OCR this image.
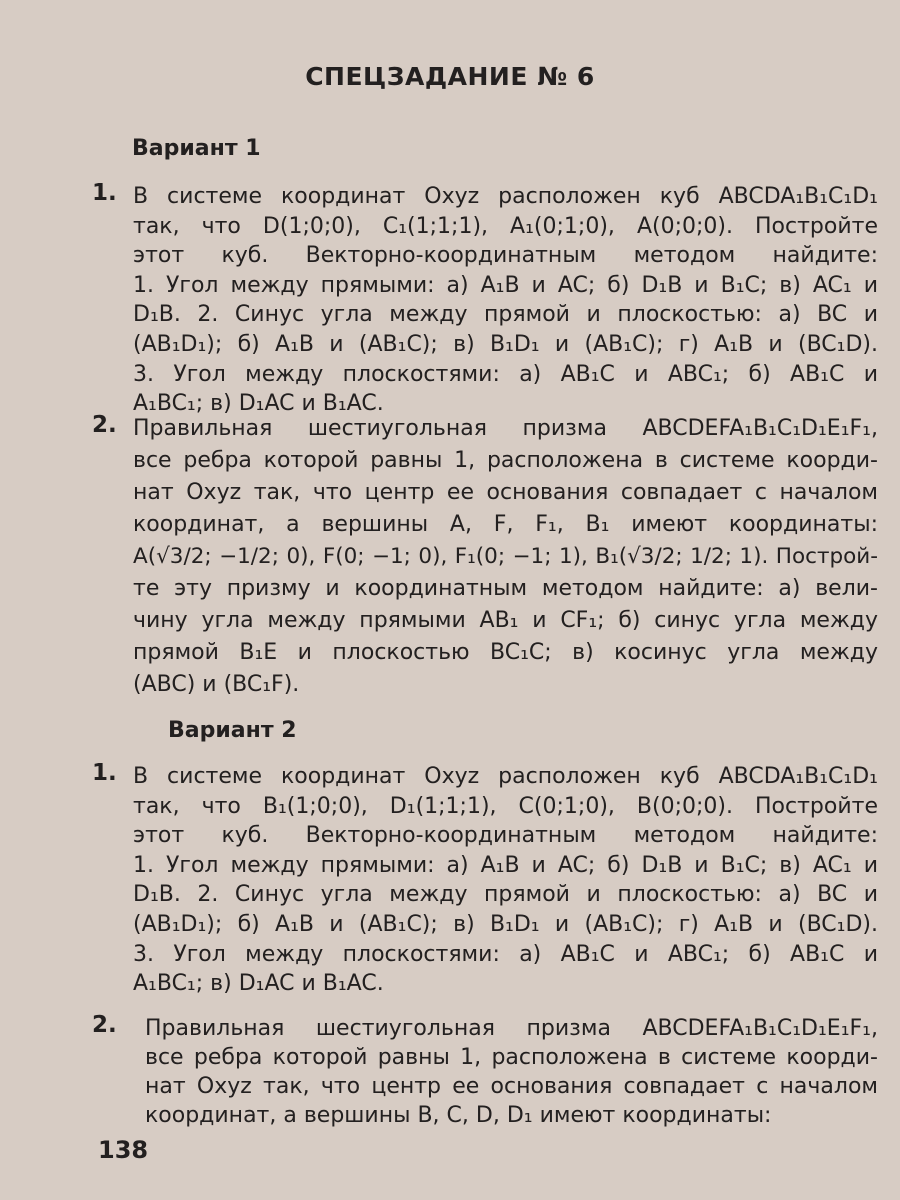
СПЕЦЗАДАНИЕ № 6
Вариант 1
1. В системе координат Oxyz расположен куб ABCDA₁B₁C₁D₁
так, что D(1;0;0), C₁(1;1;1), A₁(0;1;0), A(0;0;0). Постройте
этот куб. Векторно-координатным методом найдите:
1. Угол между прямыми: а) A₁B и AC; б) D₁B и B₁C; в) AC₁ и
D₁B. 2. Синус угла между прямой и плоскостью: а) BC и
(AB₁D₁); б) A₁B и (AB₁C); в) B₁D₁ и (AB₁C); г) A₁B и (BC₁D).
3. Угол между плоскостями: а) AB₁C и ABC₁; б) AB₁C и
A₁BC₁; в) D₁AC и B₁AC.
2. Правильная шестиугольная призма ABCDEFA₁B₁C₁D₁E₁F₁,
все ребра которой равны 1, расположена в системе коорди-
нат Oxyz так, что центр ее основания совпадает с началом
координат, а вершины A, F, F₁, B₁ имеют координаты:
A(√3/2; −1/2; 0), F(0; −1; 0), F₁(0; −1; 1), B₁(√3/2; 1/2; 1). Построй-
те эту призму и координатным методом найдите: а) вели-
чину угла между прямыми AB₁ и CF₁; б) синус угла между
прямой B₁E и плоскостью BC₁C; в) косинус угла между
(ABC) и (BC₁F).
Вариант 2
1. В системе координат Oxyz расположен куб ABCDA₁B₁C₁D₁
так, что B₁(1;0;0), D₁(1;1;1), C(0;1;0), B(0;0;0). Постройте
этот куб. Векторно-координатным методом найдите:
1. Угол между прямыми: а) A₁B и AC; б) D₁B и B₁C; в) AC₁ и
D₁B. 2. Синус угла между прямой и плоскостью: а) BC и
(AB₁D₁); б) A₁B и (AB₁C); в) B₁D₁ и (AB₁C); г) A₁B и (BC₁D).
3. Угол между плоскостями: а) AB₁C и ABC₁; б) AB₁C и
A₁BC₁; в) D₁AC и B₁AC.
2. Правильная шестиугольная призма ABCDEFA₁B₁C₁D₁E₁F₁,
все ребра которой равны 1, расположена в системе коорди-
нат Oxyz так, что центр ее основания совпадает с началом
координат, а вершины B, C, D, D₁ имеют координаты:
138
